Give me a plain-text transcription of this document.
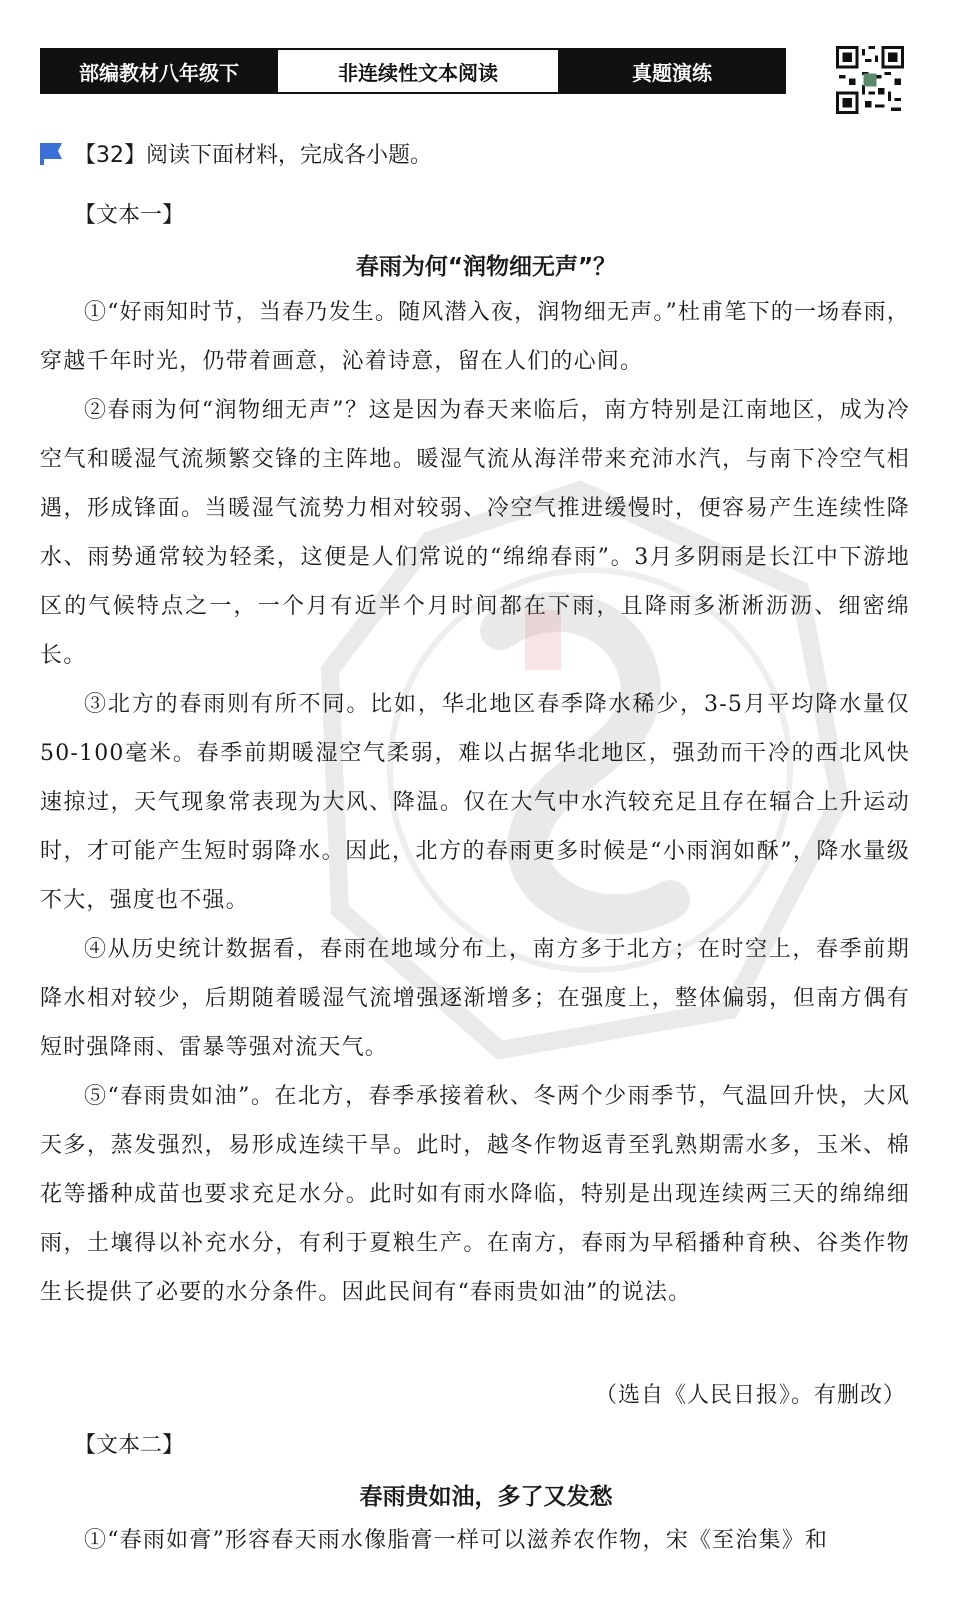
部编教材八年级下	非连续性文本阅读	真题演练
【32】阅读下面材料，完成各小题。
【文本一】
春雨为何“润物细无声”？

①“好雨知时节，当春乃发生。随风潜入夜，润物细无声。”杜甫笔下的一场春雨，穿越千年时光，仍带着画意，沁着诗意，留在人们的心间。

②春雨为何“润物细无声”？这是因为春天来临后，南方特别是江南地区，成为冷空气和暖湿气流频繁交锋的主阵地。暖湿气流从海洋带来充沛水汽，与南下冷空气相遇，形成锋面。当暖湿气流势力相对较弱、冷空气推进缓慢时，便容易产生连续性降水、雨势通常较为轻柔，这便是人们常说的“绵绵春雨”。3月多阴雨是长江中下游地区的气候特点之一，一个月有近半个月时间都在下雨，且降雨多淅淅沥沥、细密绵长。

③北方的春雨则有所不同。比如，华北地区春季降水稀少，3-5月平均降水量仅50-100毫米。春季前期暖湿空气柔弱，难以占据华北地区，强劲而干冷的西北风快速掠过，天气现象常表现为大风、降温。仅在大气中水汽较充足且存在辐合上升运动时，才可能产生短时弱降水。因此，北方的春雨更多时候是“小雨润如酥”，降水量级不大，强度也不强。

④从历史统计数据看，春雨在地域分布上，南方多于北方；在时空上，春季前期降水相对较少，后期随着暖湿气流增强逐渐增多；在强度上，整体偏弱，但南方偶有短时强降雨、雷暴等强对流天气。

⑤“春雨贵如油”。在北方，春季承接着秋、冬两个少雨季节，气温回升快，大风天多，蒸发强烈，易形成连续干旱。此时，越冬作物返青至乳熟期需水多，玉米、棉花等播种成苗也要求充足水分。此时如有雨水降临，特别是出现连续两三天的绵绵细雨，土壤得以补充水分，有利于夏粮生产。在南方，春雨为早稻播种育秧、谷类作物生长提供了必要的水分条件。因此民间有“春雨贵如油”的说法。

（选自《人民日报》。有删改）
【文本二】
春雨贵如油，多了又发愁

①“春雨如膏”形容春天雨水像脂膏一样可以滋养农作物，宋《至治集》和
